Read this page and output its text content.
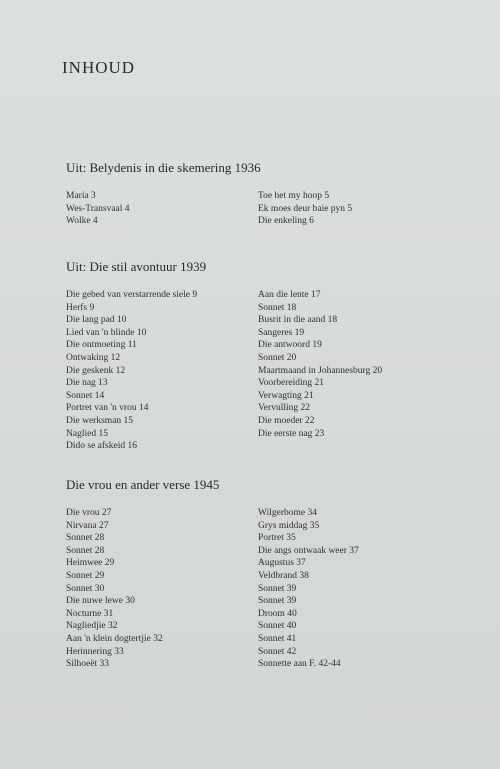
INHOUD
Uit: Belydenis in die skemering 1936
Maria 3
Wes-Transvaal 4
Wolke 4
Toe het my hoop 5
Ek moes deur baie pyn 5
Die enkeling 6
Uit: Die stil avontuur 1939
Die gebed van verstarrende siele 9
Herfs 9
Die lang pad 10
Lied van 'n blinde 10
Die ontmoeting 11
Ontwaking 12
Die geskenk 12
Die nag 13
Sonnet 14
Portret van 'n vrou 14
Die werksman 15
Naglied 15
Dido se afskeid 16
Aan die lente 17
Sonnet 18
Busrit in die aand 18
Sangeres 19
Die antwoord 19
Sonnet 20
Maartmaand in Johannesburg 20
Voorbereiding 21
Verwagting 21
Vervulling 22
Die moeder 22
Die eerste nag 23
Die vrou en ander verse 1945
Die vrou 27
Nirvana 27
Sonnet 28
Sonnet 28
Heimwee 29
Sonnet 29
Sonnet 30
Die nuwe lewe 30
Nocturne 31
Naglied​jie 32
Aan 'n klein dogtertjie 32
Herinnering 33
Silhoeët 33
Wilgerbome 34
Grys middag 35
Portret 35
Die angs ontwaak weer 37
Augustus 37
Veldbrand 38
Sonnet 39
Sonnet 39
Droom 40
Sonnet 40
Sonnet 41
Sonnet 42
Sonnette aan F. 42-44
